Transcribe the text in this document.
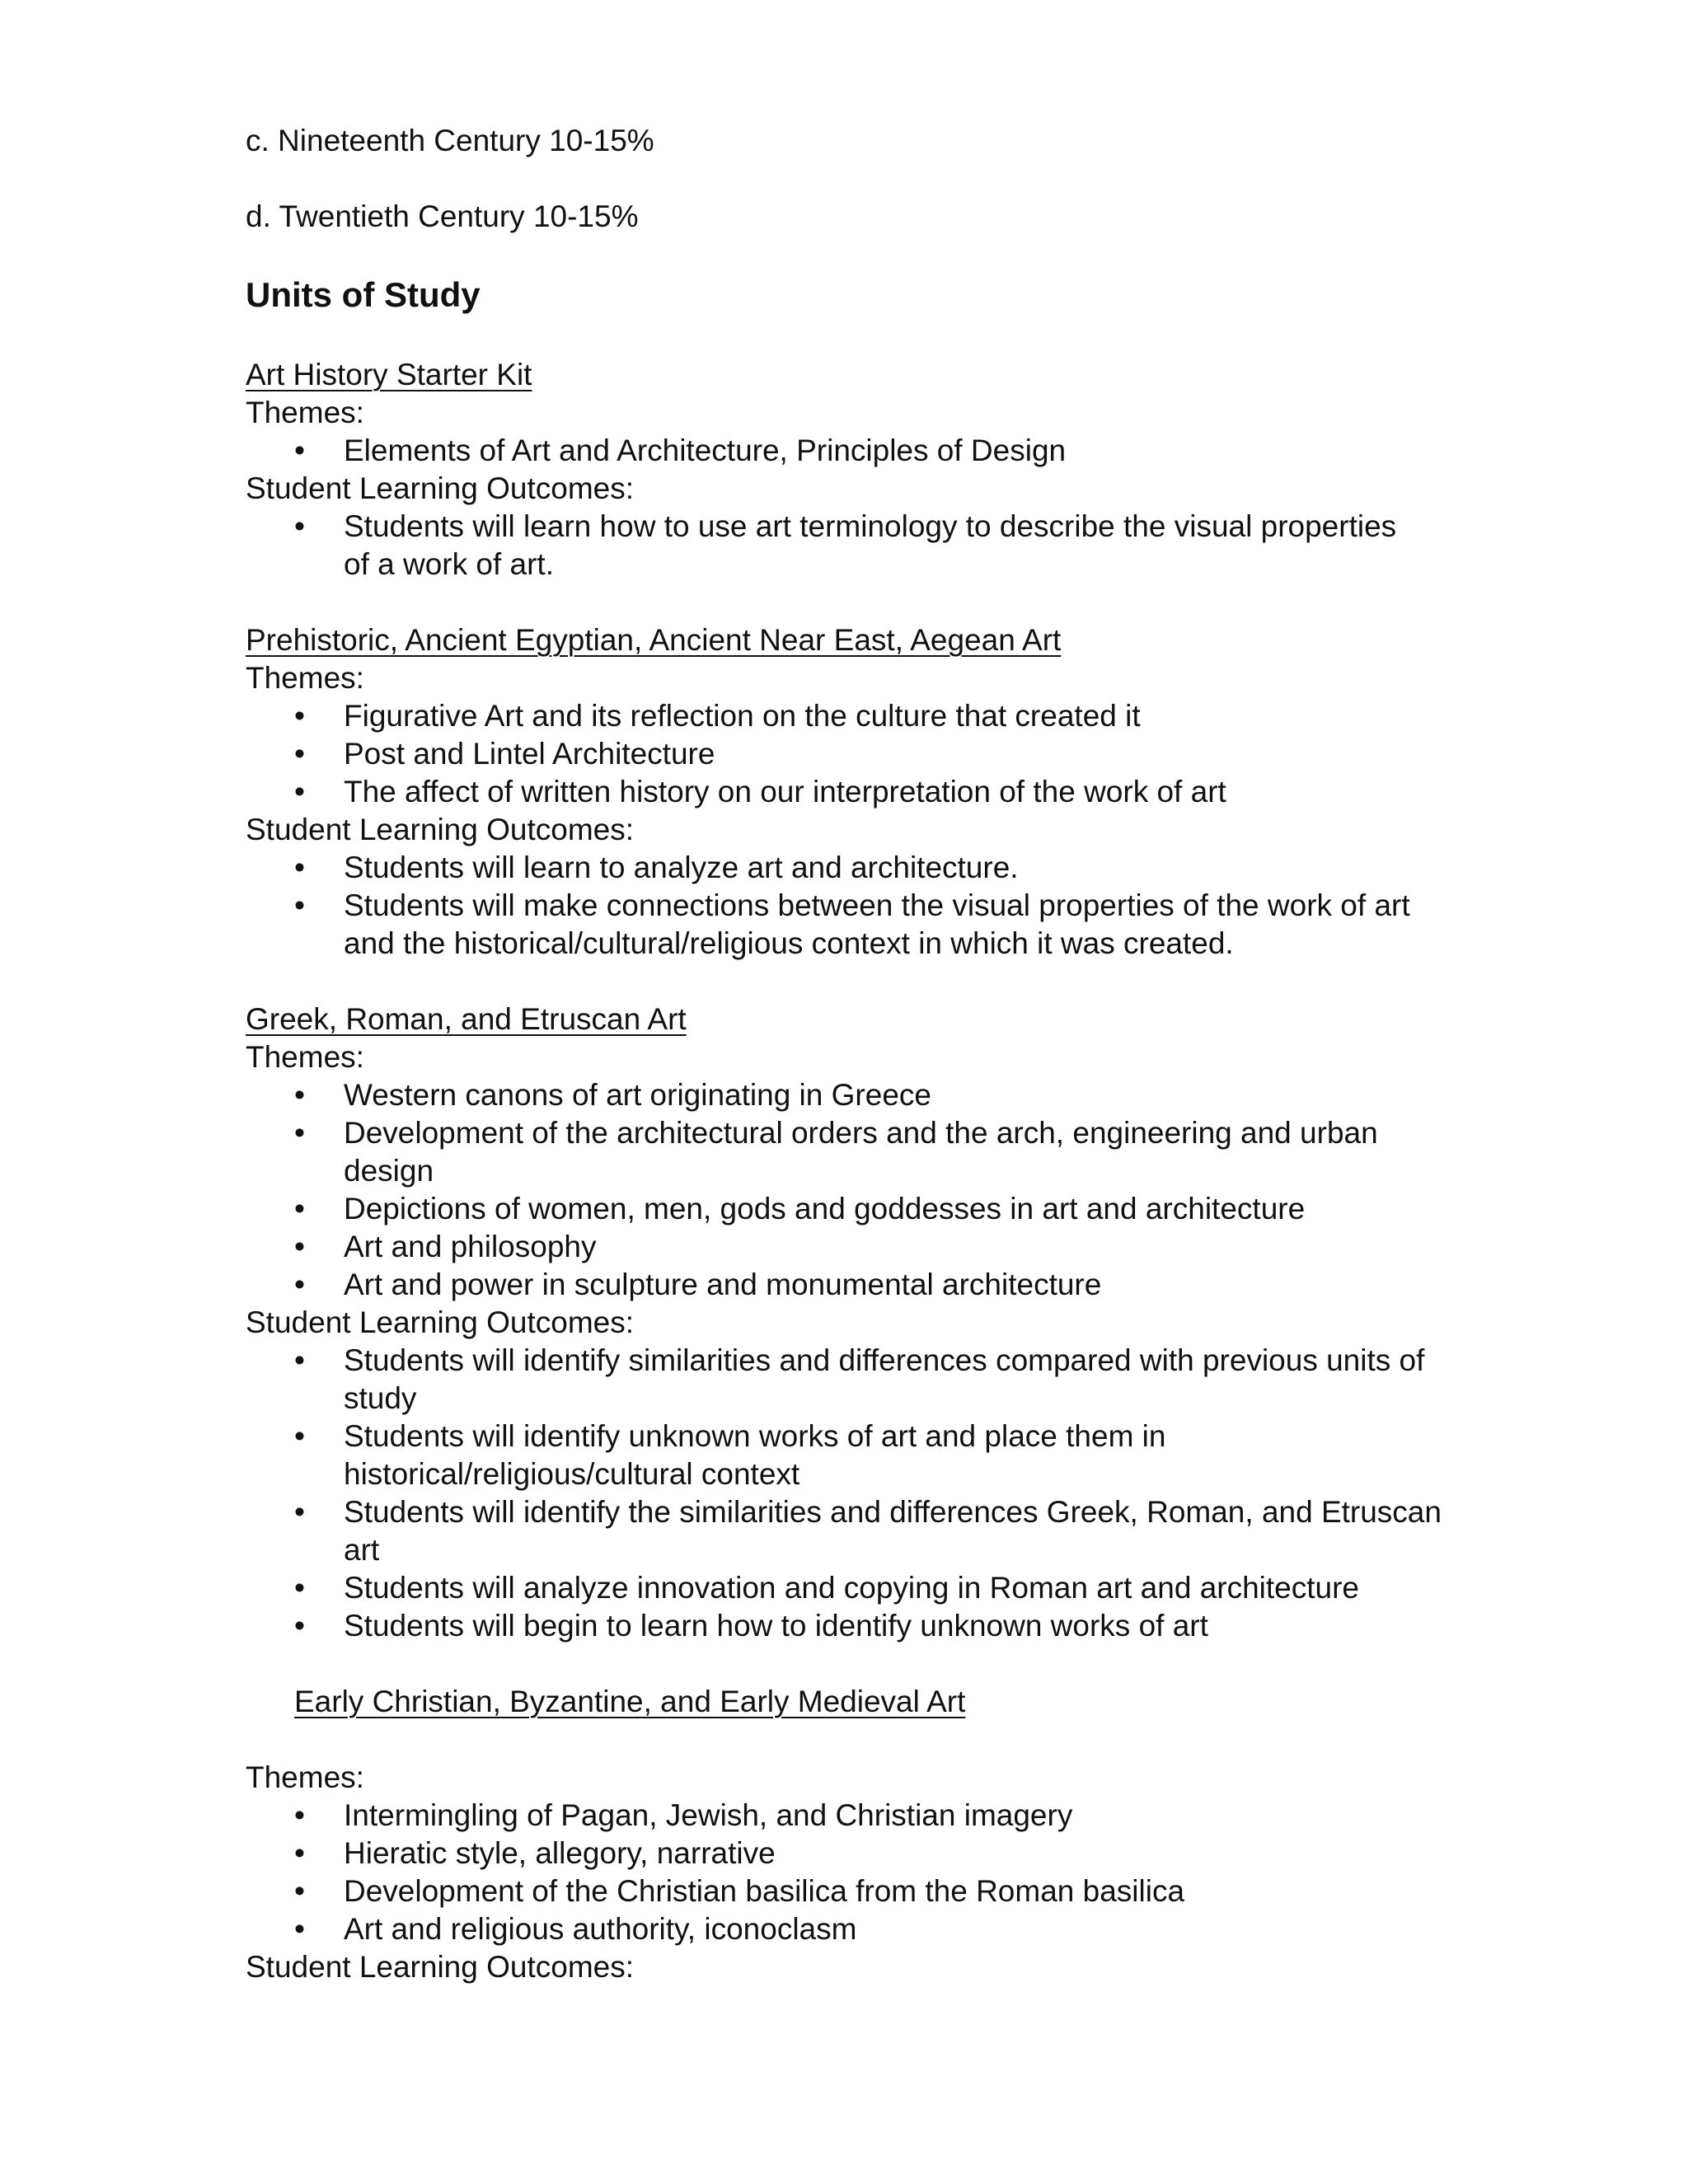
c. Nineteenth Century 10-15%
d. Twentieth Century 10-15%
Units of Study
Art History Starter Kit
Themes:
•	Elements of Art and Architecture, Principles of Design
Student Learning Outcomes:
•	Students will learn how to use art terminology to describe the visual properties
of a work of art.
Prehistoric, Ancient Egyptian, Ancient Near East, Aegean Art
Themes:
•	Figurative Art and its reflection on the culture that created it
•	Post and Lintel Architecture
•	The affect of written history on our interpretation of the work of art
Student Learning Outcomes:
•	Students will learn to analyze art and architecture.
•	Students will make connections between the visual properties of the work of art
and the historical/cultural/religious context in which it was created.
Greek, Roman, and Etruscan Art
Themes:
•	Western canons of art originating in Greece
•	Development of the architectural orders and the arch, engineering and urban
design
•	Depictions of women, men, gods and goddesses in art and architecture
•	Art and philosophy
•	Art and power in sculpture and monumental architecture
Student Learning Outcomes:
•	Students will identify similarities and differences compared with previous units of
study
•	Students will identify unknown works of art and place them in
historical/religious/cultural context
•	Students will identify the similarities and differences Greek, Roman, and Etruscan
art
•	Students will analyze innovation and copying in Roman art and architecture
•	Students will begin to learn how to identify unknown works of art
Early Christian, Byzantine, and Early Medieval Art
Themes:
•	Intermingling of Pagan, Jewish, and Christian imagery
•	Hieratic style, allegory, narrative
•	Development of the Christian basilica from the Roman basilica
•	Art and religious authority, iconoclasm
Student Learning Outcomes:
